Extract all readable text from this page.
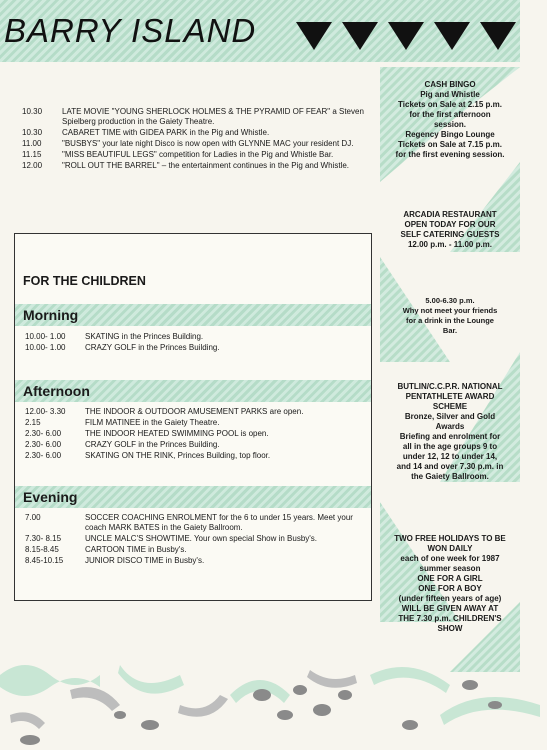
BARRY ISLAND
10.30	LATE MOVIE "YOUNG SHERLOCK HOLMES & THE PYRAMID OF FEAR" a Steven Spielberg production in the Gaiety Theatre.
10.30	CABARET TIME with GIDEA PARK in the Pig and Whistle.
11.00	"BUSBYS" your late night Disco is now open with GLYNNE MAC your resident DJ.
11.15	"MISS BEAUTIFUL LEGS" competition for Ladies in the Pig and Whistle Bar.
12.00	"ROLL OUT THE BARREL" – the entertainment continues in the Pig and Whistle.
CASH BINGO
Pig and Whistle
Tickets on Sale at 2.15 p.m.
for the first afternoon
session.
Regency Bingo Lounge
Tickets on Sale at 7.15 p.m.
for the first evening session.
ARCADIA RESTAURANT
OPEN TODAY FOR OUR
SELF CATERING GUESTS
12.00 p.m. - 11.00 p.m.
5.00-6.30 p.m.
Why not meet your friends
for a drink in the Lounge
Bar.
BUTLIN/C.C.P.R. NATIONAL
PENTATHLETE AWARD
SCHEME
Bronze, Silver and Gold
Awards
Briefing and enrolment for
all in the age groups 9 to
under 12, 12 to under 14,
and 14 and over 7.30 p.m. in
the Gaiety Ballroom.
TWO FREE HOLIDAYS TO BE
WON DAILY
each of one week for 1987
summer season
ONE FOR A GIRL
ONE FOR A BOY
(under fifteen years of age)
WILL BE GIVEN AWAY AT
THE 7.30 p.m. CHILDREN'S
SHOW
FOR THE CHILDREN
Morning
10.00- 1.00	SKATING in the Princes Building.
10.00- 1.00	CRAZY GOLF in the Princes Building.
Afternoon
12.00- 3.30	THE INDOOR & OUTDOOR AMUSEMENT PARKS are open.
2.15	FILM MATINEE in the Gaiety Theatre.
2.30- 6.00	THE INDOOR HEATED SWIMMING POOL is open.
2.30- 6.00	CRAZY GOLF in the Princes Building.
2.30- 6.00	SKATING ON THE RINK, Princes Building, top floor.
Evening
7.00	SOCCER COACHING ENROLMENT for the 6 to under 15 years. Meet your coach MARK BATES in the Gaiety Ballroom.
7.30- 8.15	UNCLE MALC'S SHOWTIME. Your own special Show in Busby's.
8.15-8.45	CARTOON TIME in Busby's.
8.45-10.15	JUNIOR DISCO TIME in Busby's.
